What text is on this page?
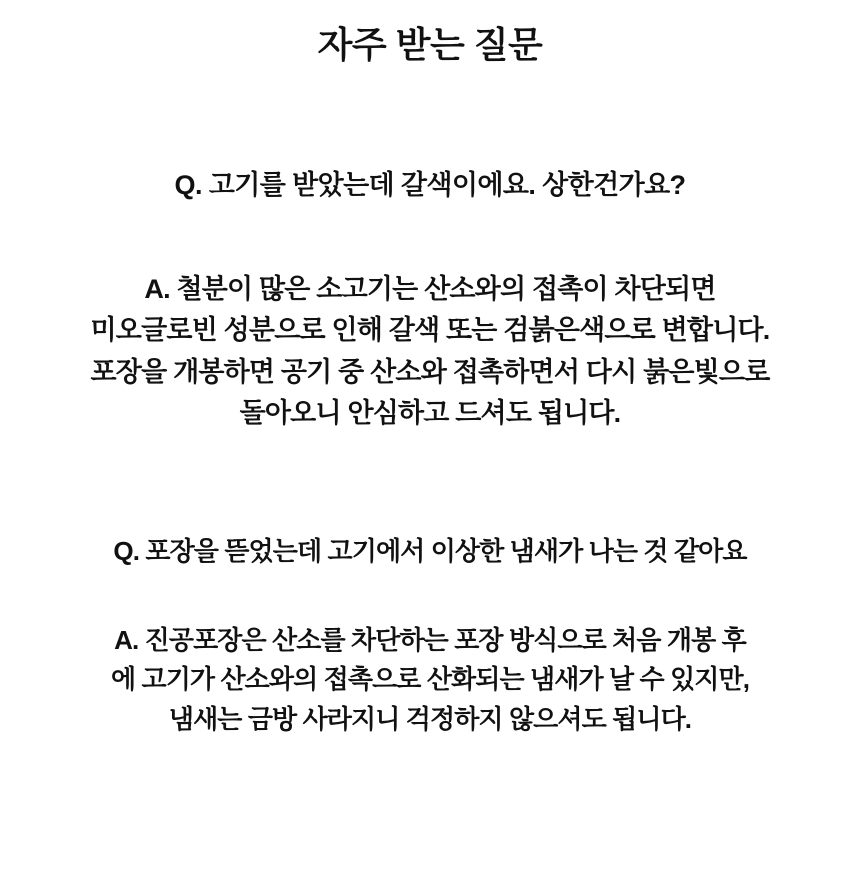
자주 받는 질문

Q. 고기를 받았는데 갈색이에요. 상한건가요?

A. 철분이 많은 소고기는 산소와의 접촉이 차단되면
미오글로빈 성분으로 인해 갈색 또는 검붉은색으로 변합니다.
포장을 개봉하면 공기 중 산소와 접촉하면서 다시 붉은빛으로
돌아오니 안심하고 드셔도 됩니다.

Q. 포장을 뜯었는데 고기에서 이상한 냄새가 나는 것 같아요

A. 진공포장은 산소를 차단하는 포장 방식으로 처음 개봉 후
에 고기가 산소와의 접촉으로 산화되는 냄새가 날 수 있지만,
냄새는 금방 사라지니 걱정하지 않으셔도 됩니다.
